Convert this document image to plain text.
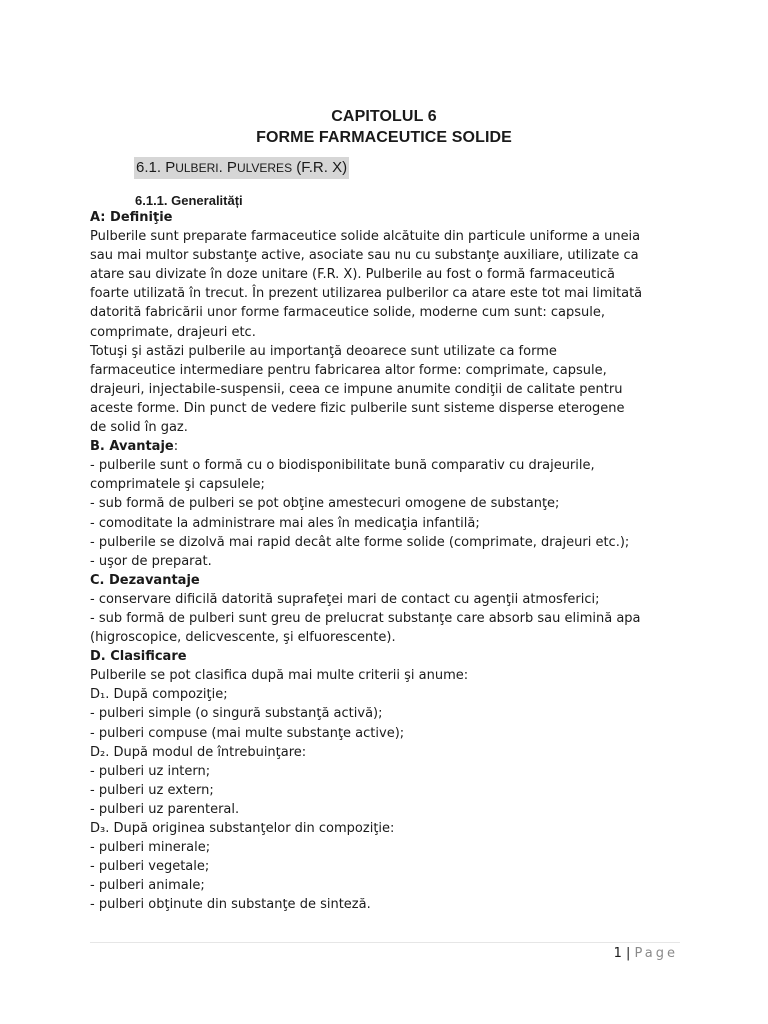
CAPITOLUL 6
FORME FARMACEUTICE SOLIDE
6.1. PULBERI. PULVERES (F.R. X)
6.1.1. Generalități
A: Definiţie
Pulberile sunt preparate farmaceutice solide alcătuite din particule uniforme a uneia
sau mai multor substanţe active, asociate sau nu cu substanţe auxiliare, utilizate ca
atare sau divizate în doze unitare (F.R. X). Pulberile au fost o formă farmaceutică
foarte utilizată în trecut. În prezent utilizarea pulberilor ca atare este tot mai limitată
datorită fabricării unor forme farmaceutice solide, moderne cum sunt: capsule,
comprimate, drajeuri etc.
Totuşi şi astăzi pulberile au importanţă deoarece sunt utilizate ca forme
farmaceutice intermediare pentru fabricarea altor forme: comprimate, capsule,
drajeuri, injectabile-suspensii, ceea ce impune anumite condiţii de calitate pentru
aceste forme. Din punct de vedere fizic pulberile sunt sisteme disperse eterogene
de solid în gaz.
B. Avantaje:
- pulberile sunt o formă cu o biodisponibilitate bună comparativ cu drajeurile,
comprimatele şi capsulele;
- sub formă de pulberi se pot obţine amestecuri omogene de substanţe;
- comoditate la administrare mai ales în medicaţia infantilă;
- pulberile se dizolvă mai rapid decât alte forme solide (comprimate, drajeuri etc.);
- uşor de preparat.
C. Dezavantaje
- conservare dificilă datorită suprafeţei mari de contact cu agenţii atmosferici;
- sub formă de pulberi sunt greu de prelucrat substanţe care absorb sau elimină apa
(higroscopice, delicvescente, şi elfuorescente).
D. Clasificare
Pulberile se pot clasifica după mai multe criterii şi anume:
D₁. După compoziţie;
- pulberi simple (o singură substanţă activă);
- pulberi compuse (mai multe substanţe active);
D₂. După modul de întrebuinţare:
- pulberi uz intern;
- pulberi uz extern;
- pulberi uz parenteral.
D₃. După originea substanţelor din compoziţie:
- pulberi minerale;
- pulberi vegetale;
- pulberi animale;
- pulberi obţinute din substanţe de sinteză.
1 | Page
